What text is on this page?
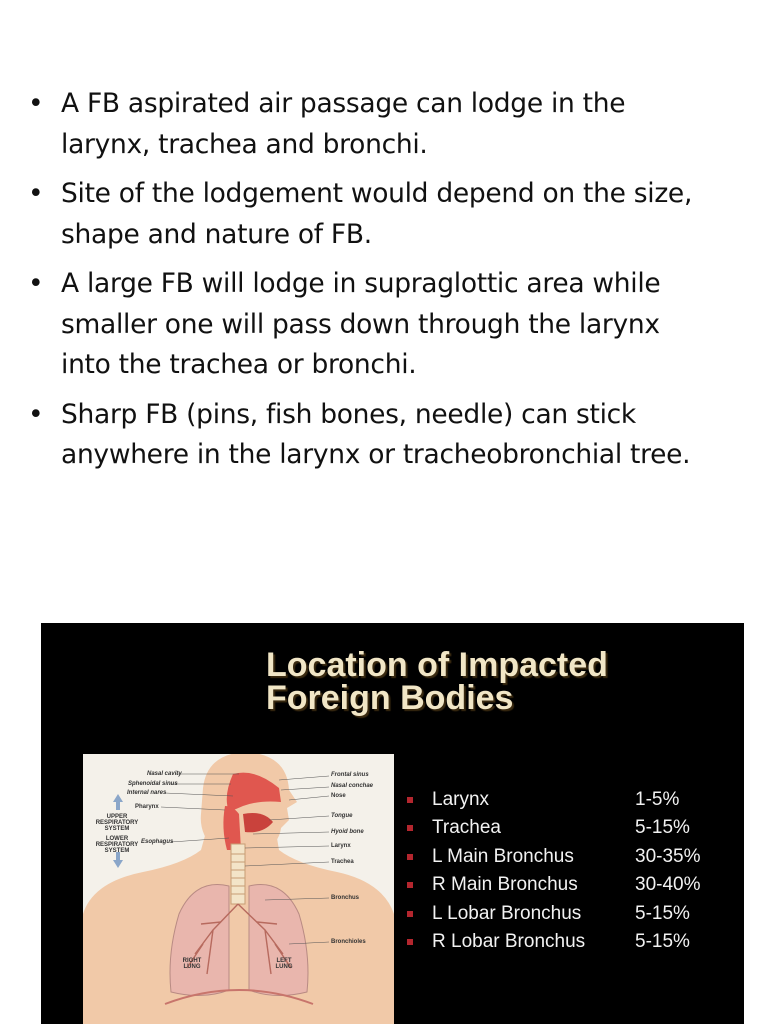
• A FB aspirated air passage can lodge in the
larynx, trachea and bronchi.
• Site of the lodgement would depend on the size,
shape and nature of FB.
• A large FB will lodge in supraglottic area while
smaller one will pass down through the larynx
into the trachea or bronchi.
• Sharp FB (pins, fish bones, needle) can stick
anywhere in the larynx or tracheobronchial tree.
Location of Impacted
Foreign Bodies
Nasal cavity
Sphenoidal sinus
Internal nares
Pharynx
UPPER
RESPIRATORY
SYSTEM
LOWER
RESPIRATORY
SYSTEM
Esophagus
Frontal sinus
Nasal conchae
Nose
Tongue
Hyoid bone
Larynx
Trachea
Bronchus
Bronchioles
RIGHT
LUNG
LEFT
LUNG
Larynx	1-5%
Trachea	5-15%
L Main Bronchus	30-35%
R Main Bronchus	30-40%
L Lobar Bronchus	5-15%
R Lobar Bronchus	5-15%
